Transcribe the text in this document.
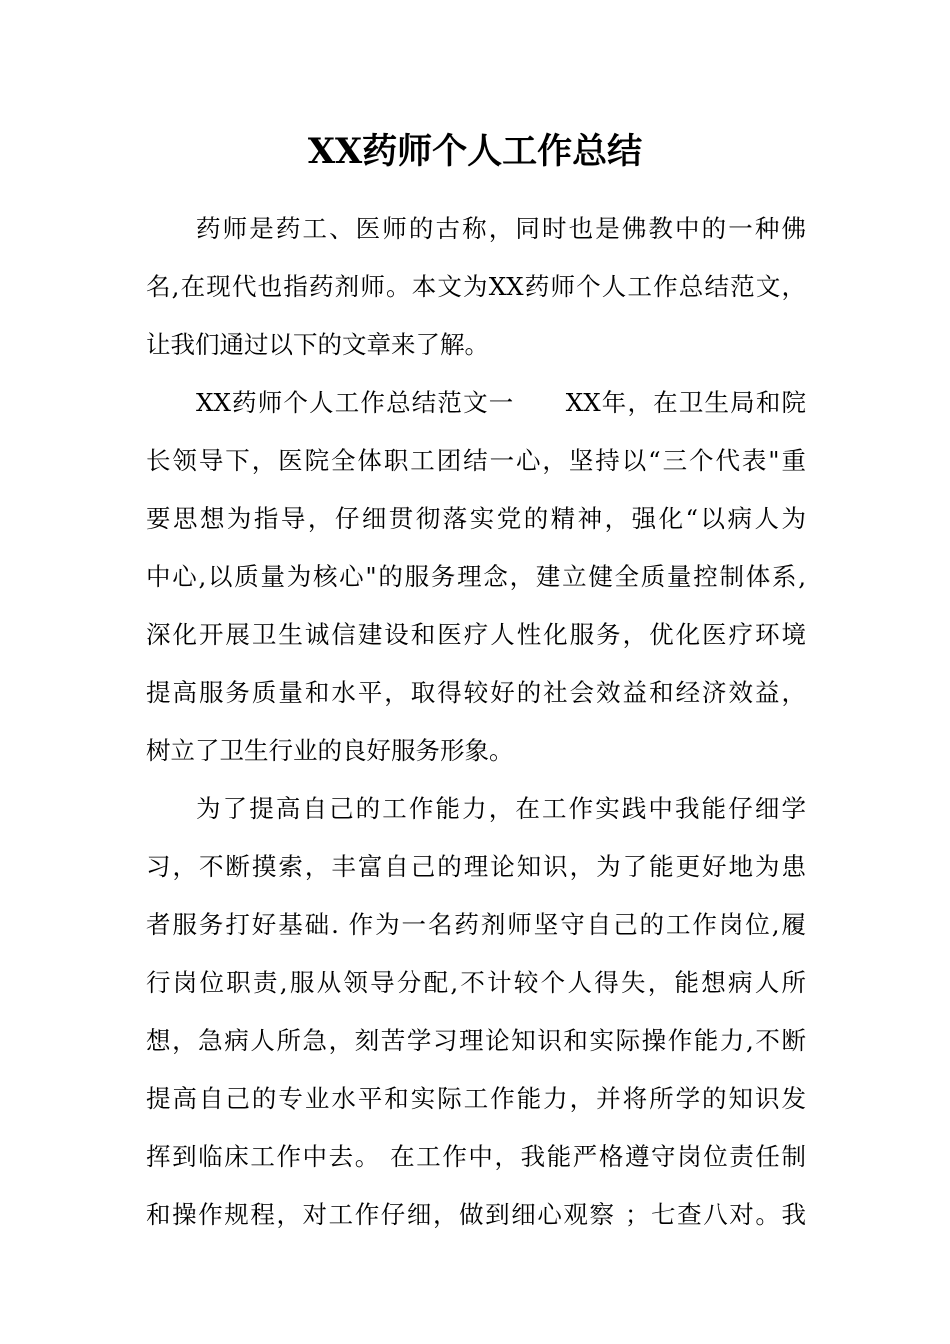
XX药师个人工作总结
药师是药工、医师的古称，同时也是佛教中的一种佛
名,在现代也指药剂师。本文为XX药师个人工作总结范文，
让我们通过以下的文章来了解。
XX药师个人工作总结范文一　　XX年，在卫生局和院
长领导下，医院全体职工团结一心，坚持以“三个代表"重
要思想为指导，仔细贯彻落实党的精神，强化“以病人为
中心,以质量为核心"的服务理念，建立健全质量控制体系,
深化开展卫生诚信建设和医疗人性化服务，优化医疗环境
提高服务质量和水平，取得较好的社会效益和经济效益，
树立了卫生行业的良好服务形象。
为了提高自己的工作能力，在工作实践中我能仔细学
习，不断摸索，丰富自己的理论知识，为了能更好地为患
者服务打好基础. 作为一名药剂师坚守自己的工作岗位,履
行岗位职责,服从领导分配,不计较个人得失，能想病人所
想，急病人所急，刻苦学习理论知识和实际操作能力,不断
提高自己的专业水平和实际工作能力，并将所学的知识发
挥到临床工作中去。 在工作中，我能严格遵守岗位责任制
和操作规程，对工作仔细，做到细心观察 ；七查八对。我
